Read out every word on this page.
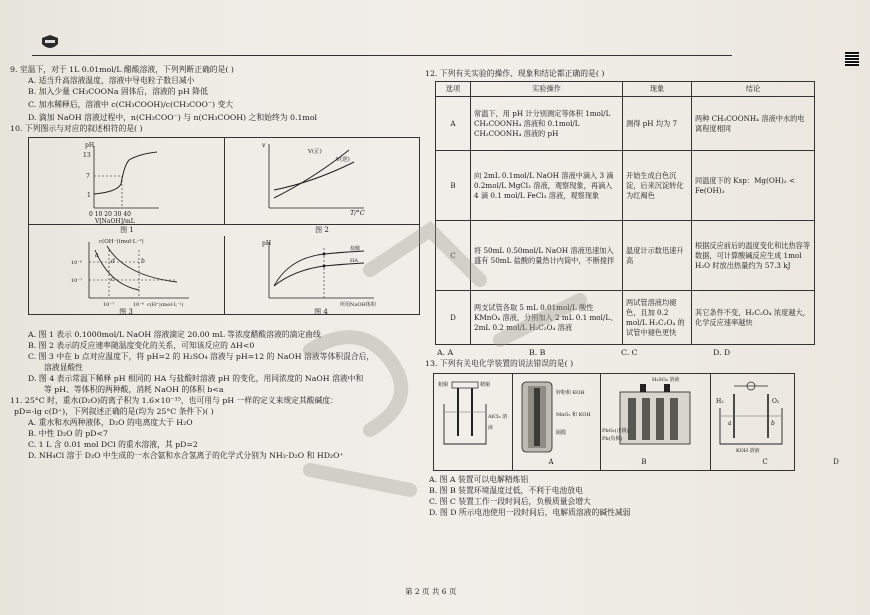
9. 室温下，对于 1L 0.01mol/L 醋酸溶液，下列判断正确的是( )

A. 适当升高溶液温度，溶液中导电粒子数目减小

B. 加入少量 CH₃COONa 固体后，溶液的 pH 降低

C. 加水稀释后，溶液中 c(CH₃COOH)/c(CH₃COO⁻) 变大

D. 滴加 NaOH 溶液过程中，n(CH₃COO⁻) 与 n(CH₃COOH) 之和始终为 0.1mol

10. 下列图示与对应的叙述相符的是( )

pH
13
7
1
0 10 20 30 40
V[NaOH]/mL
v
V(正)
V(逆)
T/°C
图 1	图 2
c(OH⁻)(mol·L⁻¹)
10⁻⁶
10⁻⁷
10⁻⁷	10⁻⁶ c(H⁺)(mol·L⁻¹)
a
b
c
d
pH
盐酸
HA
所用NaOH体积
图 3	图 4

A. 图 1 表示 0.1000mol/L NaOH 溶液滴定 20.00 mL 等浓度醋酸溶液的滴定曲线

B. 图 2 表示的反应速率随温度变化的关系，可知该反应的 ΔH<0

C. 图 3 中在 b 点对应温度下，将 pH=2 的 H₂SO₄ 溶液与 pH=12 的 NaOH 溶液等体积混合后，

溶液显酸性

D. 图 4 表示常温下稀释 pH 相同的 HA 与盐酸时溶液 pH 的变化，用同浓度的 NaOH 溶液中和

等 pH、等体积的两种酸，消耗 NaOH 的体积 b<a

11. 25°C 时，重水(D₂O)的离子积为 1.6×10⁻¹⁵，也可用与 pH 一样的定义来规定其酸碱度：

pD=-lg c(D⁺)，下列叙述正确的是(均为 25°C 条件下)( )

A. 重水和水两种液体，D₂O 的电离度大于 H₂O

B. 中性 D₂O 的 pD<7

C. 1 L 含 0.01 mol DCl 的重水溶液，其 pD=2

D. NH₄Cl 溶于 D₂O 中生成的一水合氨和水合氢离子的化学式分别为 NH₃·D₂O 和 HD₂O⁺

12. 下列有关实验的操作、现象和结论都正确的是( )

选项	实验操作	现象	结论
A	常温下，用 pH 计分别测定等体积 1mol/L CH₃COONH₄ 溶液和 0.1mol/L CH₃COONH₄ 溶液的 pH	测得 pH 均为 7	两种 CH₃COONH₄ 溶液中水的电离程度相同
B	向 2mL 0.1mol/L NaOH 溶液中滴入 3 滴 0.2mol/L MgCl₂ 溶液，观察现象，再滴入 4 滴 0.1 mol/L FeCl₃ 溶液，观察现象	开始生成白色沉淀，后来沉淀转化为红褐色	同温度下的 Ksp：Mg(OH)₂ < Fe(OH)₃
C	将 50mL 0.50mol/L NaOH 溶液迅速加入盛有 50mL 盐酸的量热计内筒中，不断搅拌	温度计示数迅速升高	根据反应前后的温度变化和比热容等数据，可计算酸碱反应生成 1mol H₂O 时放出热量约为 57.3 kJ
D	两支试管各取 5 mL 0.01mol/L 酸性 KMnO₄ 溶液，分别加入 2 mL 0.1 mol/L、2mL 0.2 mol/L H₂C₂O₄ 溶液	两试管溶液均褪色，且加 0.2 mol/L H₂C₂O₄ 的试管中褪色更快	其它条件不变，H₂C₂O₄ 浓度越大，化学反应速率越快
A. A	B. B	C. C	D. D

13. 下列有关电化学装置的说法错误的是( )

粗铜	精铜
AlCl₃ 溶液
A
锌粉和 KOH
MnO₂ 和 KOH
隔膜
B
H₂SO₄ 溶液
PbO₂(正极)
Pb(负极)
C
H₂	O₂
KOH 溶液
a	b
D

A. 图 A 装置可以电解精炼铝

B. 图 B 装置环境温度过低，不利于电池放电

C. 图 C 装置工作一段时间后，负极质量会增大

D. 图 D 所示电池使用一段时间后，电解质溶液的碱性减弱

第 2 页 共 6 页
